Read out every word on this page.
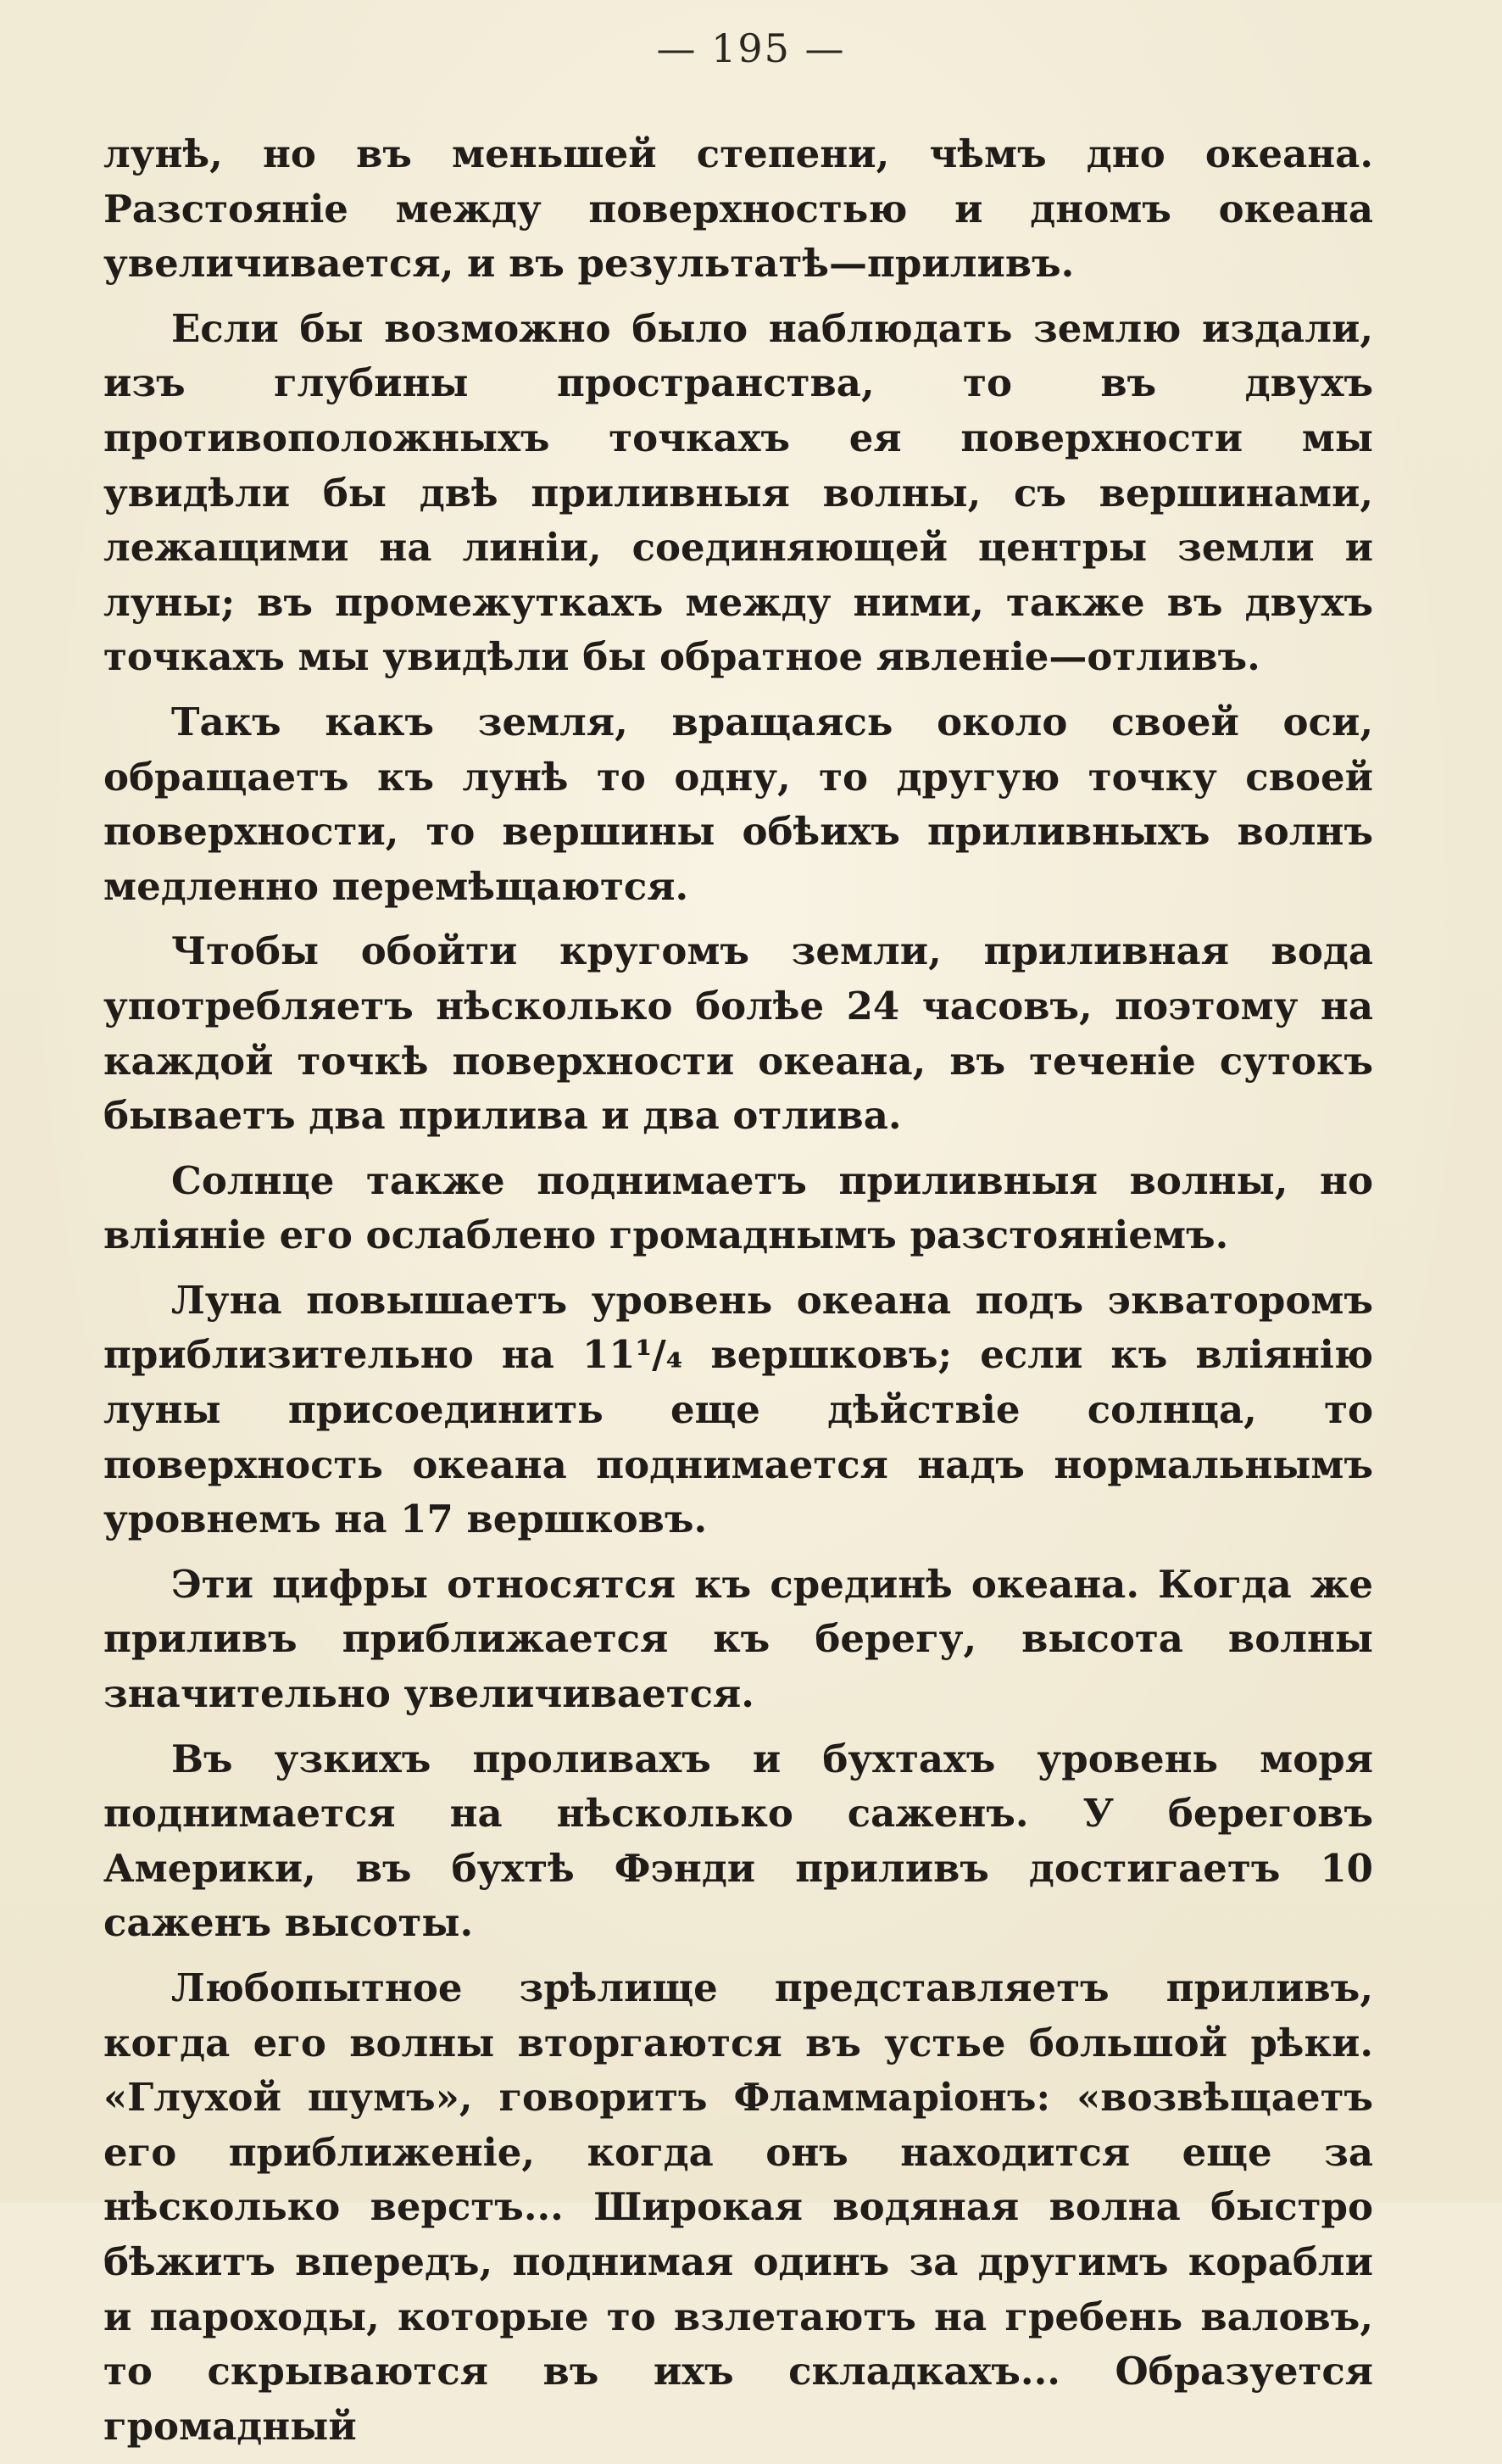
— 195 —

лунѣ, но въ меньшей степени, чѣмъ дно океана. Разстояніе между поверхностью и дномъ океана увеличивается, и въ результатѣ—приливъ.

Если бы возможно было наблюдать землю издали, изъ глубины пространства, то въ двухъ противоположныхъ точкахъ ея поверхности мы увидѣли бы двѣ приливныя волны, съ вершинами, лежащими на линіи, соединяющей центры земли и луны; въ промежуткахъ между ними, также въ двухъ точкахъ мы увидѣли бы обратное явленіе—отливъ.

Такъ какъ земля, вращаясь около своей оси, обращаетъ къ лунѣ то одну, то другую точку своей поверхности, то вершины обѣихъ приливныхъ волнъ медленно перемѣщаются.

Чтобы обойти кругомъ земли, приливная вода употребляетъ нѣсколько болѣе 24 часовъ, поэтому на каждой точкѣ поверхности океана, въ теченіе сутокъ бываетъ два прилива и два отлива.

Солнце также поднимаетъ приливныя волны, но вліяніе его ослаблено громаднымъ разстояніемъ.

Луна повышаетъ уровень океана подъ экваторомъ приблизительно на 11¹/₄ вершковъ; если къ вліянію луны присоединить еще дѣйствіе солнца, то поверхность океана поднимается надъ нормальнымъ уровнемъ на 17 вершковъ.

Эти цифры относятся къ срединѣ океана. Когда же приливъ приближается къ берегу, высота волны значительно увеличивается.

Въ узкихъ проливахъ и бухтахъ уровень моря поднимается на нѣсколько саженъ. У береговъ Америки, въ бухтѣ Фэнди приливъ достигаетъ 10 саженъ высоты.

Любопытное зрѣлище представляетъ приливъ, когда его волны вторгаются въ устье большой рѣки. «Глухой шумъ», говоритъ Фламмаріонъ: «возвѣщаетъ его приближеніе, когда онъ находится еще за нѣсколько верстъ... Широкая водяная волна быстро бѣжитъ впередъ, поднимая одинъ за другимъ корабли и пароходы, которые то взлетаютъ на гребень валовъ, то скрываются въ ихъ складкахъ... Образуется громадный
